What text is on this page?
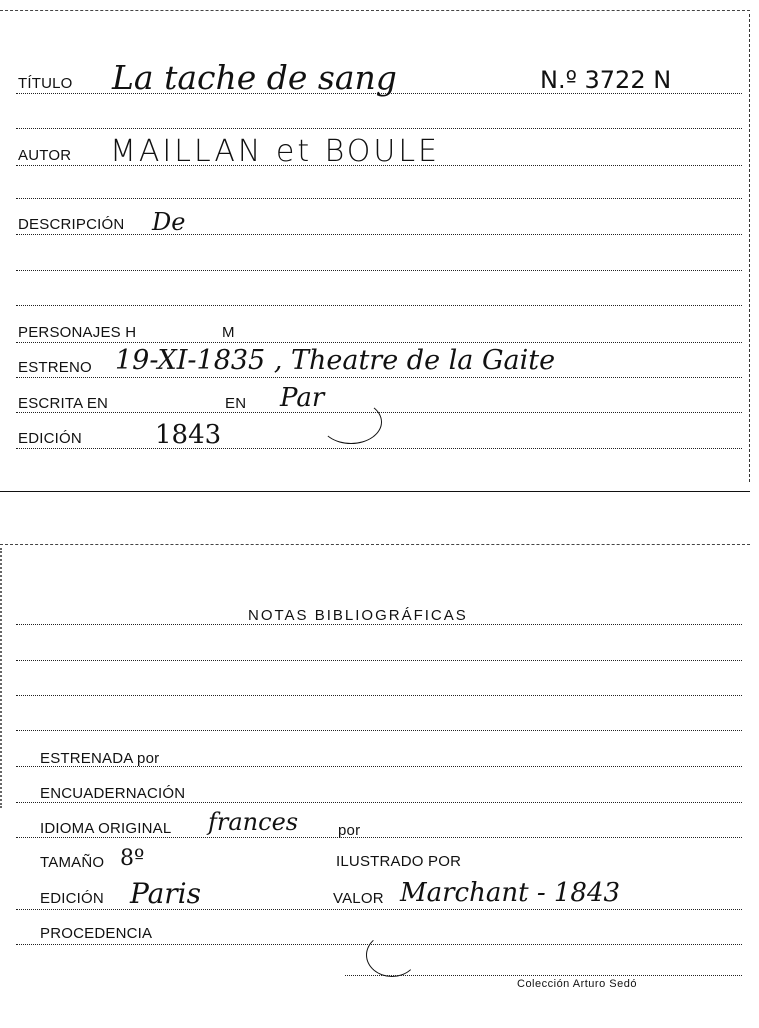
TÍTULO La tache de sang	N.º 3722 N
AUTOR MAILLAN et BOULE
DESCRIPCIÓN De
PERSONAJES H	M
ESTRENO 19-XI-1835 , Theatre de la Gaite
ESCRITA EN	EN Par
EDICIÓN	1843
NOTAS BIBLIOGRÁFICAS
ESTRENADA por
ENCUADERNACIÓN
IDIOMA ORIGINAL frances	por
TAMAÑO 8º	ILUSTRADO POR
EDICIÓN Paris	VALOR Marchant - 1843
PROCEDENCIA
Colección Arturo Sedó
